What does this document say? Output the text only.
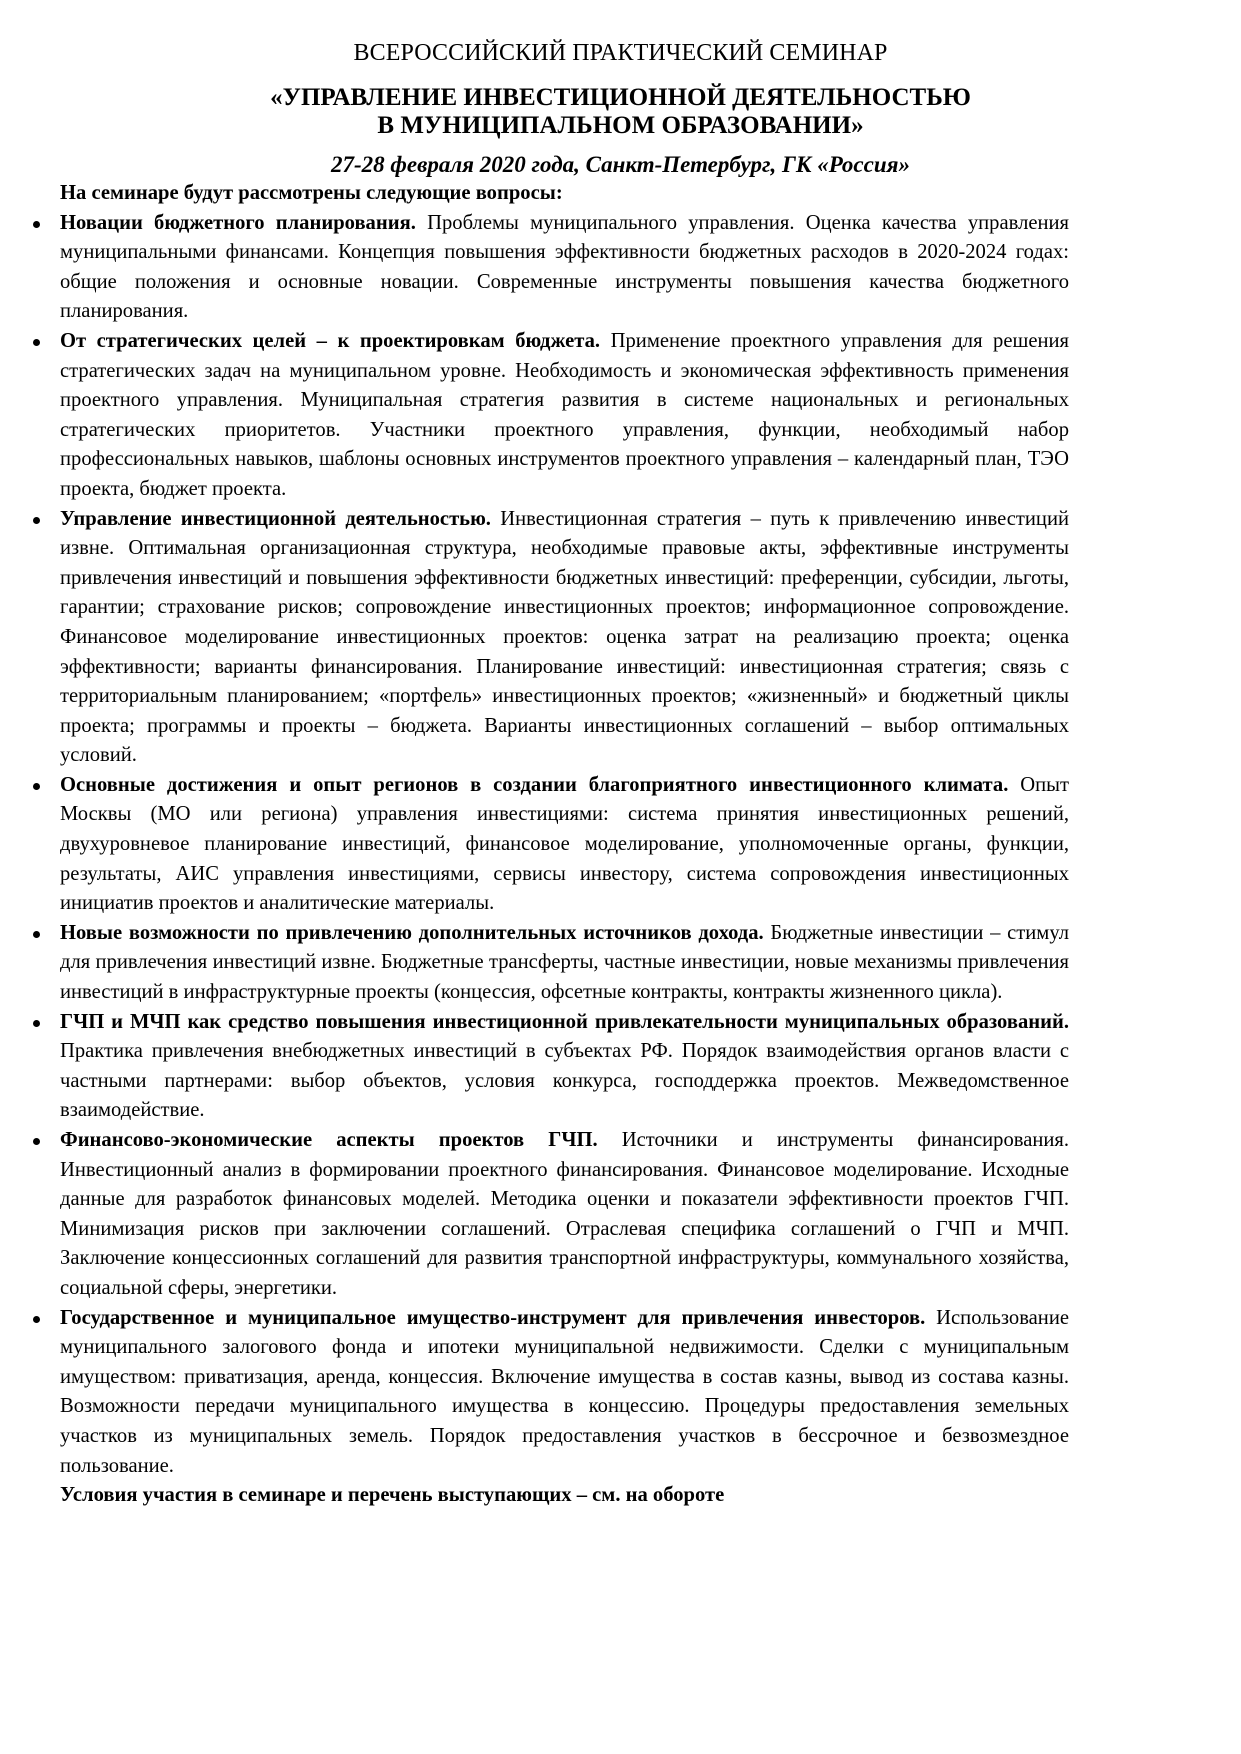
ВСЕРОССИЙСКИЙ ПРАКТИЧЕСКИЙ СЕМИНАР
«УПРАВЛЕНИЕ ИНВЕСТИЦИОННОЙ ДЕЯТЕЛЬНОСТЬЮ
В МУНИЦИПАЛЬНОМ ОБРАЗОВАНИИ»
27-28 февраля 2020 года, Санкт-Петербург, ГК «Россия»

На семинаре будут рассмотрены следующие вопросы:

Новации бюджетного планирования. Проблемы муниципального управления. Оценка качества управления муниципальными финансами. Концепция повышения эффективности бюджетных расходов в 2020-2024 годах: общие положения и основные новации. Современные инструменты повышения качества бюджетного планирования.
От стратегических целей – к проектировкам бюджета. Применение проектного управления для решения стратегических задач на муниципальном уровне. Необходимость и экономическая эффективность применения проектного управления. Муниципальная стратегия развития в системе национальных и региональных стратегических приоритетов. Участники проектного управления, функции, необходимый набор профессиональных навыков, шаблоны основных инструментов проектного управления – календарный план, ТЭО проекта, бюджет проекта.
Управление инвестиционной деятельностью. Инвестиционная стратегия – путь к привлечению инвестиций извне. Оптимальная организационная структура, необходимые правовые акты, эффективные инструменты привлечения инвестиций и повышения эффективности бюджетных инвестиций: преференции, субсидии, льготы, гарантии; страхование рисков; сопровождение инвестиционных проектов; информационное сопровождение. Финансовое моделирование инвестиционных проектов: оценка затрат на реализацию проекта; оценка эффективности; варианты финансирования. Планирование инвестиций: инвестиционная стратегия; связь с территориальным планированием; «портфель» инвестиционных проектов; «жизненный» и бюджетный циклы проекта; программы и проекты – бюджета. Варианты инвестиционных соглашений – выбор оптимальных условий.
Основные достижения и опыт регионов в создании благоприятного инвестиционного климата. Опыт Москвы (МО или региона) управления инвестициями: система принятия инвестиционных решений, двухуровневое планирование инвестиций, финансовое моделирование, уполномоченные органы, функции, результаты, АИС управления инвестициями, сервисы инвестору, система сопровождения инвестиционных инициатив проектов и аналитические материалы.
Новые возможности по привлечению дополнительных источников дохода. Бюджетные инвестиции – стимул для привлечения инвестиций извне. Бюджетные трансферты, частные инвестиции, новые механизмы привлечения инвестиций в инфраструктурные проекты (концессия, офсетные контракты, контракты жизненного цикла).
ГЧП и МЧП как средство повышения инвестиционной привлекательности муниципальных образований. Практика привлечения внебюджетных инвестиций в субъектах РФ. Порядок взаимодействия органов власти с частными партнерами: выбор объектов, условия конкурса, господдержка проектов. Межведомственное взаимодействие.
Финансово-экономические аспекты проектов ГЧП. Источники и инструменты финансирования. Инвестиционный анализ в формировании проектного финансирования. Финансовое моделирование. Исходные данные для разработок финансовых моделей. Методика оценки и показатели эффективности проектов ГЧП. Минимизация рисков при заключении соглашений. Отраслевая специфика соглашений о ГЧП и МЧП. Заключение концессионных соглашений для развития транспортной инфраструктуры, коммунального хозяйства, социальной сферы, энергетики.
Государственное и муниципальное имущество-инструмент для привлечения инвесторов. Использование муниципального залогового фонда и ипотеки муниципальной недвижимости. Сделки с муниципальным имуществом: приватизация, аренда, концессия. Включение имущества в состав казны, вывод из состава казны. Возможности передачи муниципального имущества в концессию. Процедуры предоставления земельных участков из муниципальных земель. Порядок предоставления участков в бессрочное и безвозмездное пользование.

Условия участия в семинаре и перечень выступающих – см. на обороте
